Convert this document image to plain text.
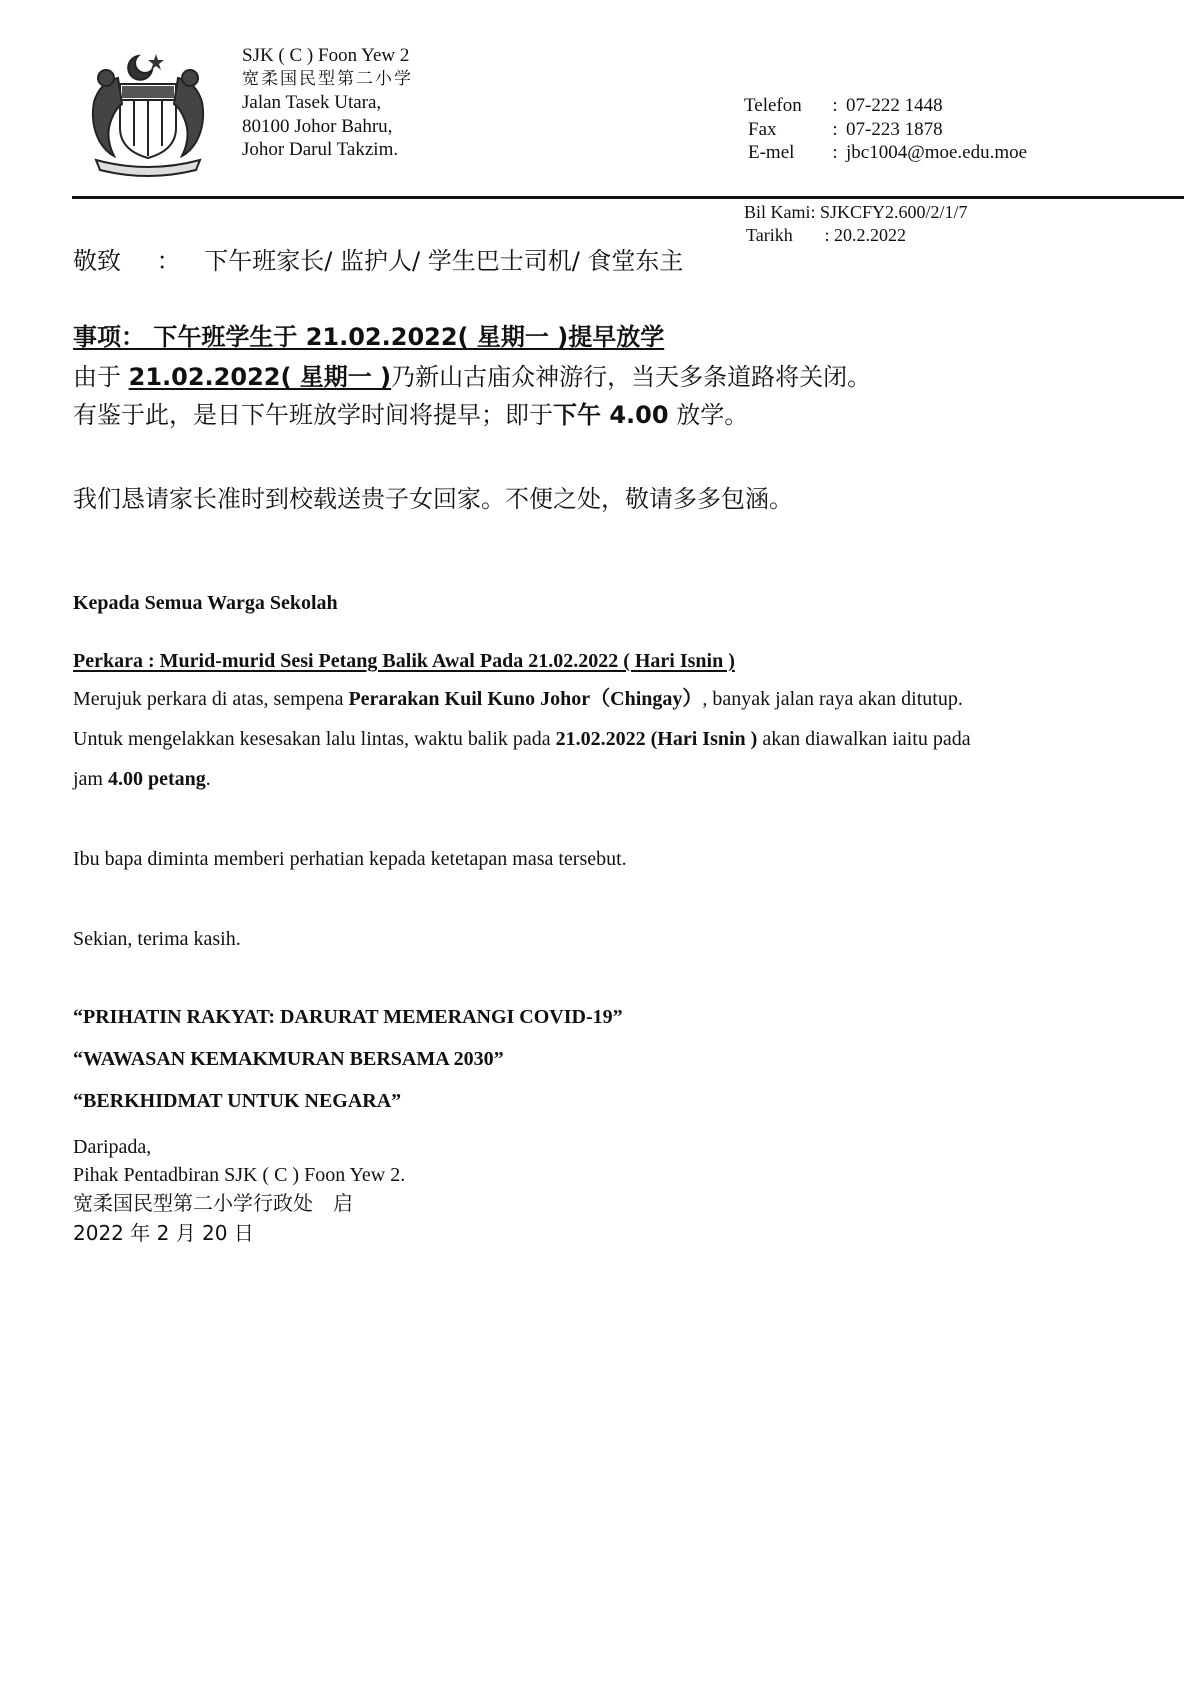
SJK ( C ) Foon Yew 2
宽柔国民型第二小学
Jalan Tasek Utara,
80100 Johor Bahru,
Johor Darul Takzim.
Telefon	: 07-222 1448
Fax	: 07-223 1878
E-mel	: jbc1004@moe.edu.moe
Bil Kami: SJKCFY2.600/2/1/7
Tarikh : 20.2.2022
敬致 ： 下午班家长/ 监护人/ 学生巴士司机/ 食堂东主
事项： 下午班学生于 21.02.2022( 星期一 )提早放学
由于 21.02.2022( 星期一 )乃新山古庙众神游行，当天多条道路将关闭。
有鉴于此，是日下午班放学时间将提早；即于下午 4.00 放学。
我们恳请家长准时到校载送贵子女回家。不便之处，敬请多多包涵。
Kepada Semua Warga Sekolah
Perkara : Murid-murid Sesi Petang Balik Awal Pada 21.02.2022 ( Hari Isnin )
Merujuk perkara di atas, sempena Perarakan Kuil Kuno Johor（Chingay）, banyak jalan raya akan ditutup.
Untuk mengelakkan kesesakan lalu lintas, waktu balik pada 21.02.2022 (Hari Isnin ) akan diawalkan iaitu pada
jam 4.00 petang.
Ibu bapa diminta memberi perhatian kepada ketetapan masa tersebut.
Sekian, terima kasih.
“PRIHATIN RAKYAT: DARURAT MEMERANGI COVID-19”
“WAWASAN KEMAKMURAN BERSAMA 2030”
“BERKHIDMAT UNTUK NEGARA”
Daripada,
Pihak Pentadbiran SJK ( C ) Foon Yew 2.
宽柔国民型第二小学行政处　启
2022 年 2 月 20 日
